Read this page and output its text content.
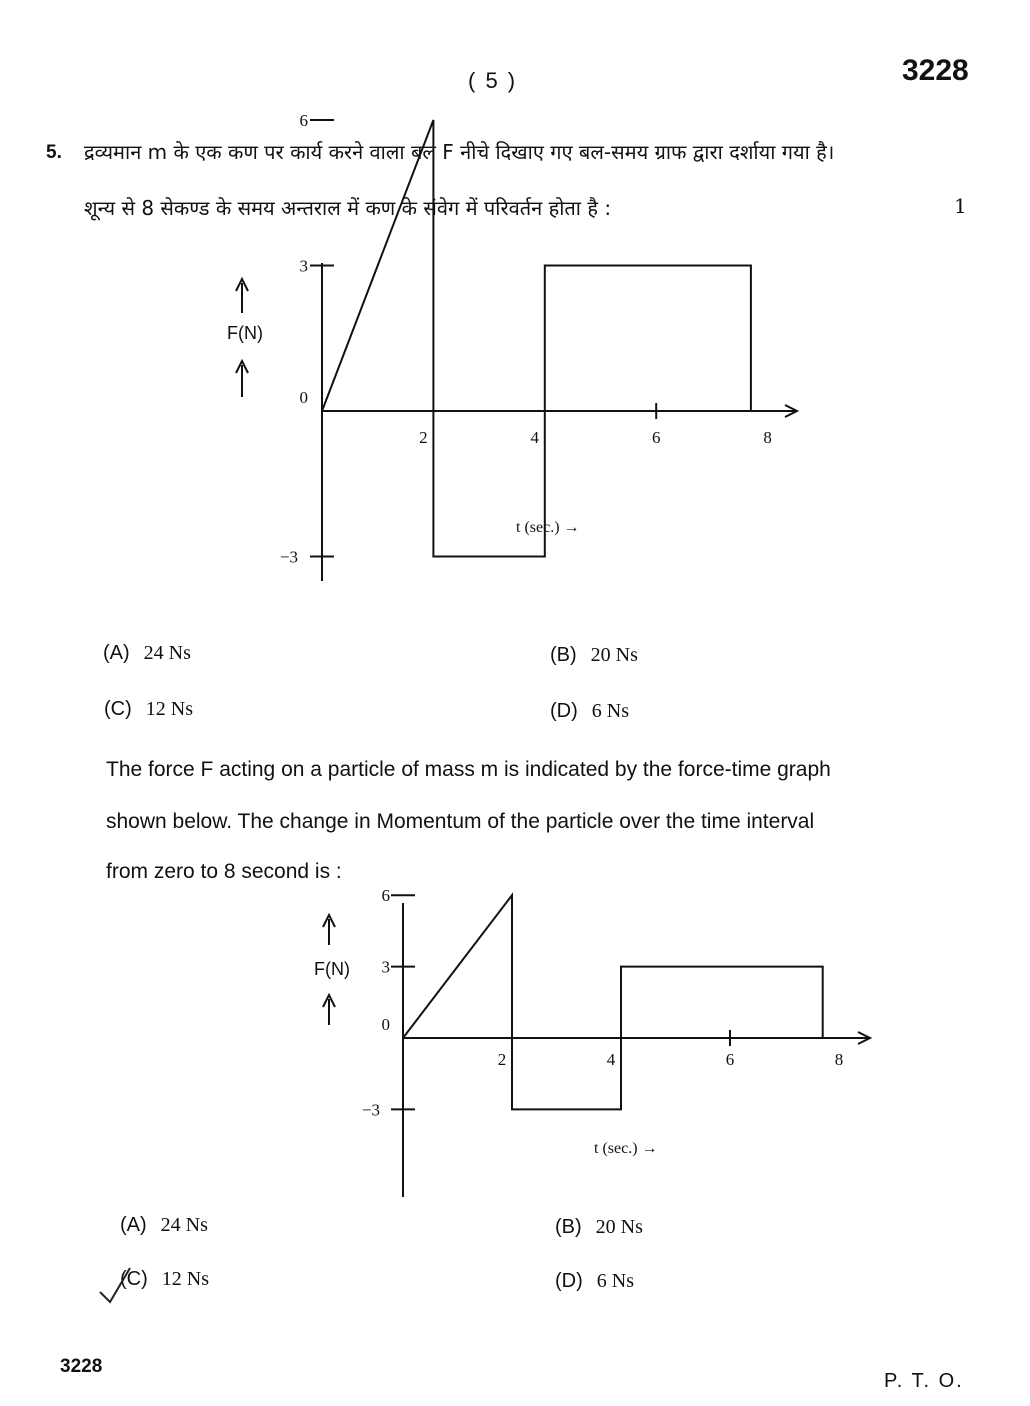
( 5 )	3228
5. द्रव्यमान m के एक कण पर कार्य करने वाला बल F नीचे दिखाए गए बल-समय ग्राफ द्वारा दर्शाया गया है।
शून्य से 8 सेकण्ड के समय अन्तराल में कण के संवेग में परिवर्तन होता है :	1
6
3
0
−3
2	4	6	8
F(N)
t (sec.) →
(A) 24 Ns	(B) 20 Ns
(C) 12 Ns	(D) 6 Ns
The force F acting on a particle of mass m is indicated by the force-time graph
shown below. The change in Momentum of the particle over the time interval
from zero to 8 second is :
6
3
0
−3
2	4	6	8
F(N)
t (sec.) →
(A) 24 Ns	(B) 20 Ns
(C) 12 Ns	(D) 6 Ns
3228
P. T. O.
